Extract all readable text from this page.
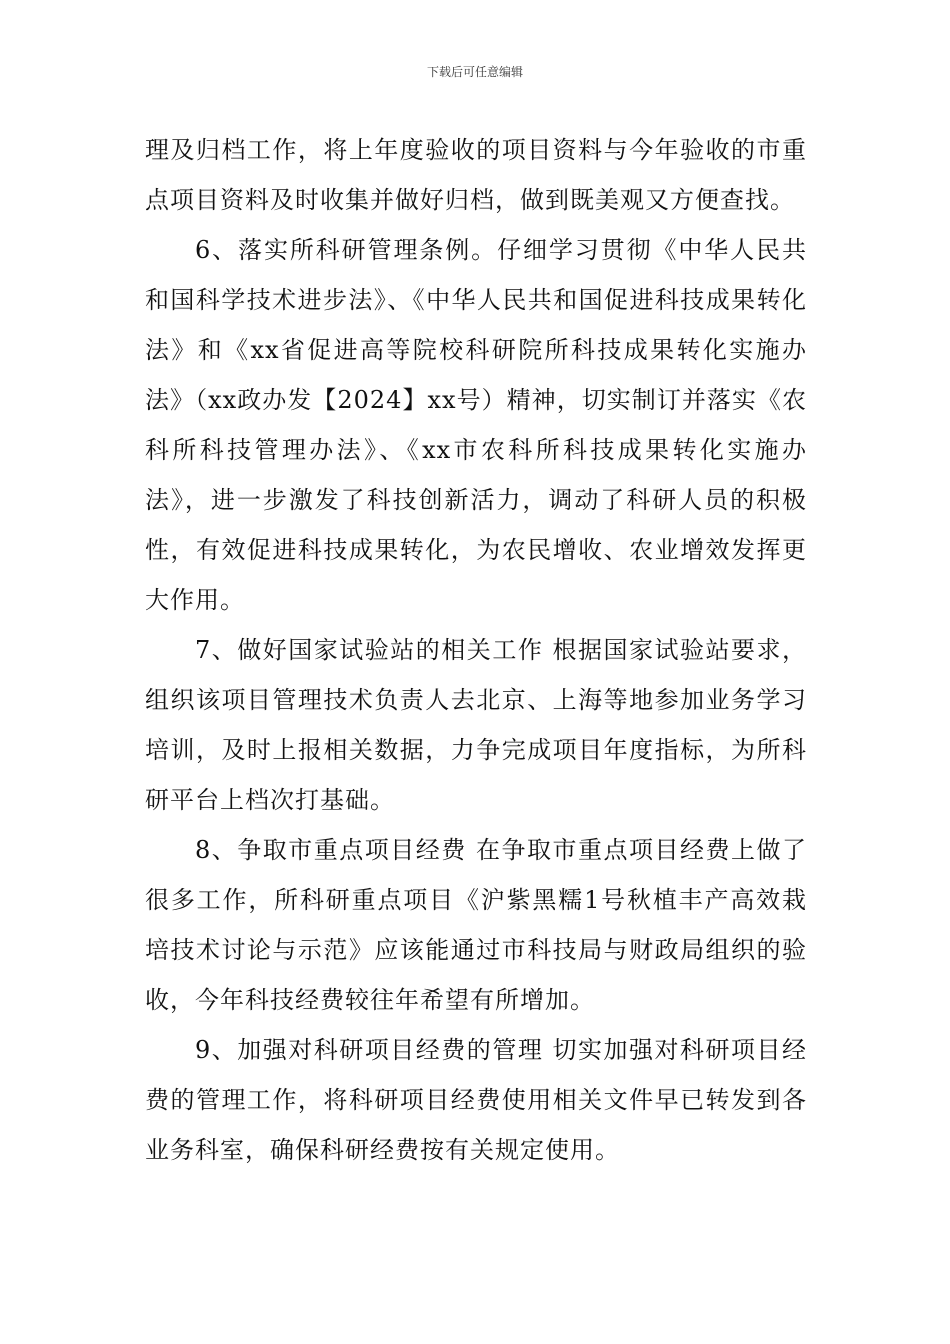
下载后可任意编辑

理及归档工作，将上年度验收的项目资料与今年验收的市重点项目资料及时收集并做好归档，做到既美观又方便查找。

6、落实所科研管理条例。仔细学习贯彻《中华人民共和国科学技术进步法》、《中华人民共和国促进科技成果转化法》和《xx省促进高等院校科研院所科技成果转化实施办法》（xx政办发【2024】xx号）精神，切实制订并落实《农科所科技管理办法》、《xx市农科所科技成果转化实施办法》，进一步激发了科技创新活力，调动了科研人员的积极性，有效促进科技成果转化，为农民增收、农业增效发挥更大作用。

7、做好国家试验站的相关工作 根据国家试验站要求，组织该项目管理技术负责人去北京、上海等地参加业务学习培训，及时上报相关数据，力争完成项目年度指标，为所科研平台上档次打基础。

8、争取市重点项目经费 在争取市重点项目经费上做了很多工作，所科研重点项目《沪紫黑糯1号秋植丰产高效栽培技术讨论与示范》应该能通过市科技局与财政局组织的验收，今年科技经费较往年希望有所增加。

9、加强对科研项目经费的管理 切实加强对科研项目经费的管理工作，将科研项目经费使用相关文件早已转发到各业务科室，确保科研经费按有关规定使用。
